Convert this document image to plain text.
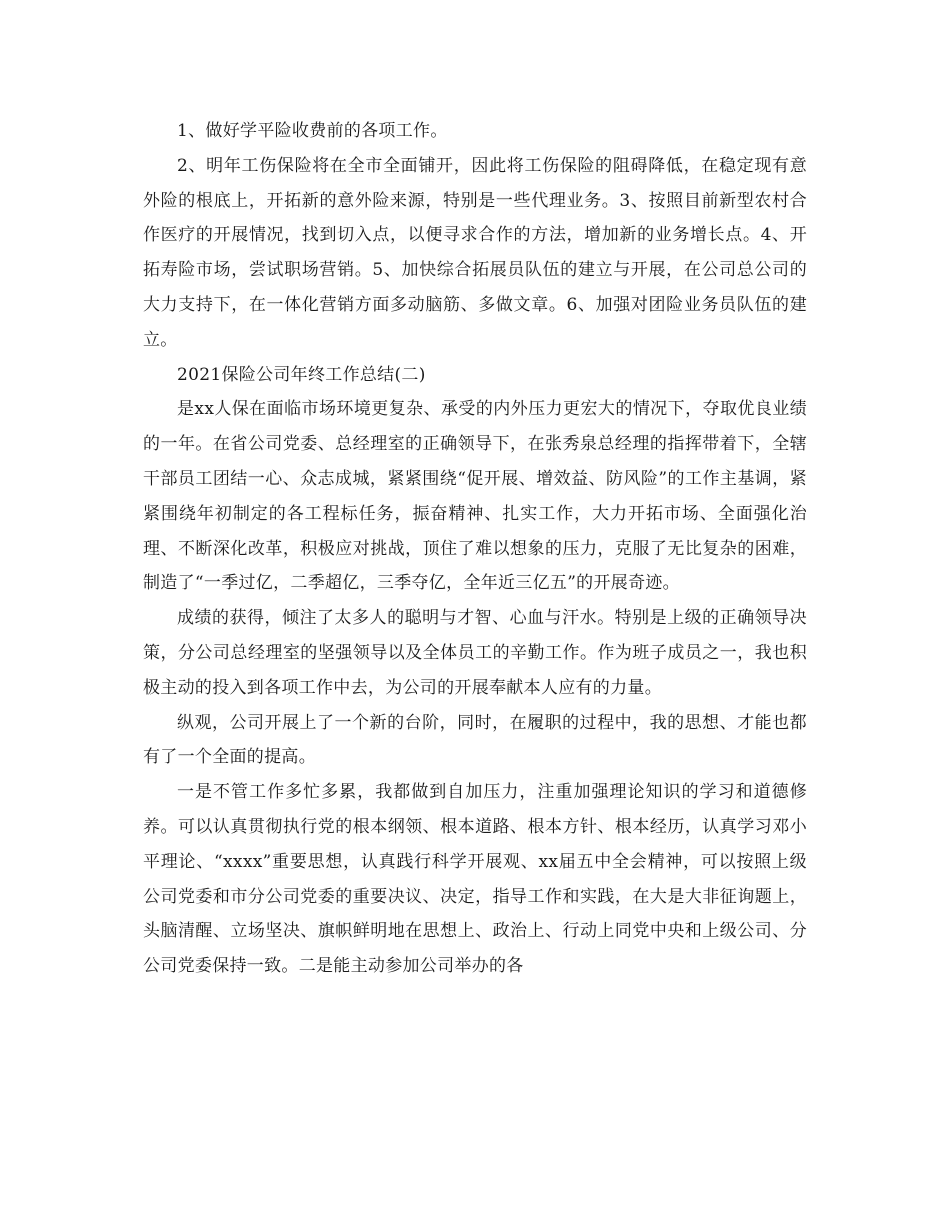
1、做好学平险收费前的各项工作。

2、明年工伤保险将在全市全面铺开，因此将工伤保险的阻碍降低，在稳定现有意外险的根底上，开拓新的意外险来源，特别是一些代理业务。3、按照目前新型农村合作医疗的开展情况，找到切入点，以便寻求合作的方法，增加新的业务增长点。4、开拓寿险市场，尝试职场营销。5、加快综合拓展员队伍的建立与开展，在公司总公司的大力支持下，在一体化营销方面多动脑筋、多做文章。6、加强对团险业务员队伍的建立。

2021保险公司年终工作总结(二)

是xx人保在面临市场环境更复杂、承受的内外压力更宏大的情况下，夺取优良业绩的一年。在省公司党委、总经理室的正确领导下，在张秀泉总经理的指挥带着下，全辖干部员工团结一心、众志成城，紧紧围绕“促开展、增效益、防风险”的工作主基调，紧紧围绕年初制定的各工程标任务，振奋精神、扎实工作，大力开拓市场、全面强化治理、不断深化改革，积极应对挑战，顶住了难以想象的压力，克服了无比复杂的困难，制造了“一季过亿，二季超亿，三季夺亿，全年近三亿五”的开展奇迹。

成绩的获得，倾注了太多人的聪明与才智、心血与汗水。特别是上级的正确领导决策，分公司总经理室的坚强领导以及全体员工的辛勤工作。作为班子成员之一，我也积极主动的投入到各项工作中去，为公司的开展奉献本人应有的力量。

纵观，公司开展上了一个新的台阶，同时，在履职的过程中，我的思想、才能也都有了一个全面的提高。

一是不管工作多忙多累，我都做到自加压力，注重加强理论知识的学习和道德修养。可以认真贯彻执行党的根本纲领、根本道路、根本方针、根本经历，认真学习邓小平理论、“xxxx”重要思想，认真践行科学开展观、xx届五中全会精神，可以按照上级公司党委和市分公司党委的重要决议、决定，指导工作和实践，在大是大非征询题上，头脑清醒、立场坚决、旗帜鲜明地在思想上、政治上、行动上同党中央和上级公司、分公司党委保持一致。二是能主动参加公司举办的各
